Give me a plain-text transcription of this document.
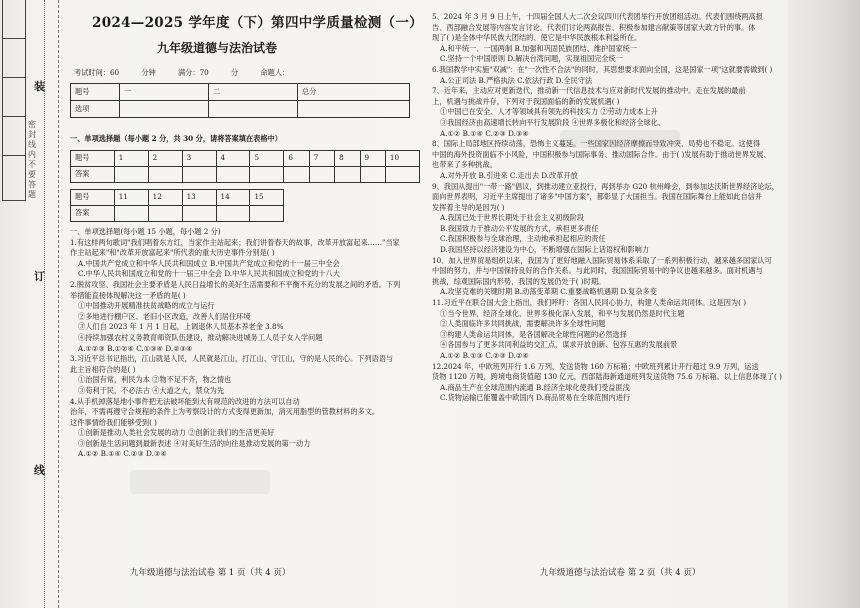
装
订
线
密封线内不要答题
2024—2025 学年度（下）第四中学质量检测（一）
九年级道德与法治试卷
考试时间：60 分钟 满分：70 分 命题人：
题号	一	二	总分
选项			
一、单项选择题（每小题 2 分，共 30 分，请将答案填在表格中）
题号	1	2	3	4	5	6	7	8	9	10
答案										

题号	11	12	13	14	15					
答案										

一、单项选择题(每小题 15 小题，每小题 2 分)

1.有这样两句歌词"我们唱着东方红，当家作主站起来；我们讲着春天的故事，改革开放富起来……"当家

作主站起来"和"改革开放富起来"所代表的重大历史事件分别是( )

A.中国共产党成立和中华人民共和国成立 B.中国共产党成立和党的十一届三中全会

C.中华人民共和国成立和党的十一届三中全会 D.中华人民共和国成立和党的十八大

2.脱贫攻坚、我国社会主要矛盾是人民日益增长的美好生活需要和不平衡不充分的发展之间的矛盾。下列

举措能直接体现解决这一矛盾的是( )

①中国推动开展精准扶贫战略的成立与运行

②多地进行棚户区、老旧小区改造，改善人们居住环境

③人们自 2023 年 1 月 1 日起，上调退休人员基本养老金 3.8%

④持续加强农村义务教育师资队伍建设，推动解决进城务工人员子女入学问题

A.①②③ B.①②④ C.①③④ D.②③④

3.习近平总书记指出，江山就是人民，人民就是江山，打江山、守江山，守的是人民的心。下列语语与

此主旨相符合的是( )

①治国有常，利民为本 ②物不足不齐，物之情也

③苟利于民，不必法古 ④大道之大，禁众为先

4.从手机掉落是地小事件把无法破坏能到大有规范的改进的方法可以自动

治年，不需再遵守合规程的条件上为考察设计的方式变得更新加，消灭用脂型的管教材料的多文。

这件事情给我们能够受到( )

①创新是推动人类社会发展的动力 ②创新让我们的生活更美好

③创新是生活问题到最新表述 ④对美好生活的向往是推动发展的第一动力

A.①② B.①④ C.②③ D.③④

九年级道德与法治试卷 第 1 页（共 4 页）

5、2024 年 3 月 9 日上午，十四届全国人大二次会议四川代表团举行开放团组活动。代表们围绕两高报

告、西部融合发展等内容发言讨论。代表们讨论两高报告、积极参加建言献策等国家大政方针的事。体

现了( )是全体中华民族大团结的、使它是中华民族根本利益所在。

A.和平统一、一国两制 B.加强和巩固民族团结、维护国家统一

C.坚持一个中国原则 D.解决台湾问题，实现祖国完全统一

6.我国教学中实施"双减"：在"一次性不合法"的同时，其思想要求面向全国，这是国家一项"这就要需做到( )

A.公正司法 B.严格执法 C.依法行政 D.全民守法

7、近年来，主动应对更新迭代，推动新一代信息技术与应对新时代发展的推动中。走在发展的最前

上，机遇与挑战并存，下列对于我国面临的新的发展机遇( )

①中国已在安全、人才等领域具有领先的科技实力 ②劳动力成本上升

③我国经济由高速增长转向平行发展阶段 ④世界多极化和经济全球化、

A.①② B.①④ C.②③ D.③④

8、国际上局部地区持续动荡，恐怖主义蔓延。一些国家因经济摩擦而导致冲突、局势也不稳定。这使得

中国的海外投资面临不小风险，中国积极参与国际事务、推动国际合作。由于( )发展有助于推动世界发展、

也带来了多种挑战。

A.对外开放 B.引进来 C.走出去 D.改革开放

9、我国从提出"一带一路"倡议，到推动建立亚投行，再到举办 G20 杭州峰会，到参加达沃斯世界经济论坛，

面向世界表明，习近平主席提出了诸多"中国方案"，都彰显了大国担当。我国在国际舞台上能如此自信并

发挥着主导的是因为( )

A.我国已处于世界长期处于社会主义初级阶段

B.我国致力于推动公平发展的方式，承担更多责任

C.我国积极参与全球治理，主动地承担起相应的责任

D.我国坚持以经济建设为中心，不断增强在国际上话语权和影响力

10、加入世界贸易组织以来，我国为了更好地融入国际贸易体系采取了一系列积极行动，越来越多国家认可

中国的努力，并与中国保持良好的合作关系。与此同时，我国国际贸易中的争议也越来越多。面对机遇与

挑战，综观国际国内形势，我国的发展仍处于( )时期。

A.攻坚克难的关键时期 B.动荡变革期 C.重要战略机遇期 D.复杂多变

11.习近平在联合国大会上指出，我们呼吁：各国人民同心协力，构建人类命运共同体。这是因为( )

①当今世界，经济全球化、世界多极化深入发展，和平与发展仍然是时代主题

②人类面临许多共同挑战，需要解决许多全球性问题

③构建人类命运共同体，是各国解决全球性问题的必然选择

④各国参与了更多共同利益的交汇点，谋求开放创新、包容互惠的发展前景

A.①② B.①③ C.②③ D.②④

12.2024 年，中欧班列开行 1.6 万列，发送货物 160 万标箱；中欧班列累计开行超过 9.9 万列，运送

货物 1120 万吨，跨境电商货值超 130 亿元，西部陆海新通道班列发送货物 75.6 万标箱。以上信息体现了( )

A.商品生产在全球范围内流通 B.经济全球化使我们受益匪浅

C.货物运输已能覆盖中欧国内 D.商品贸易在全球范围内进行

九年级道德与法治试卷 第 2 页（共 4 页）
